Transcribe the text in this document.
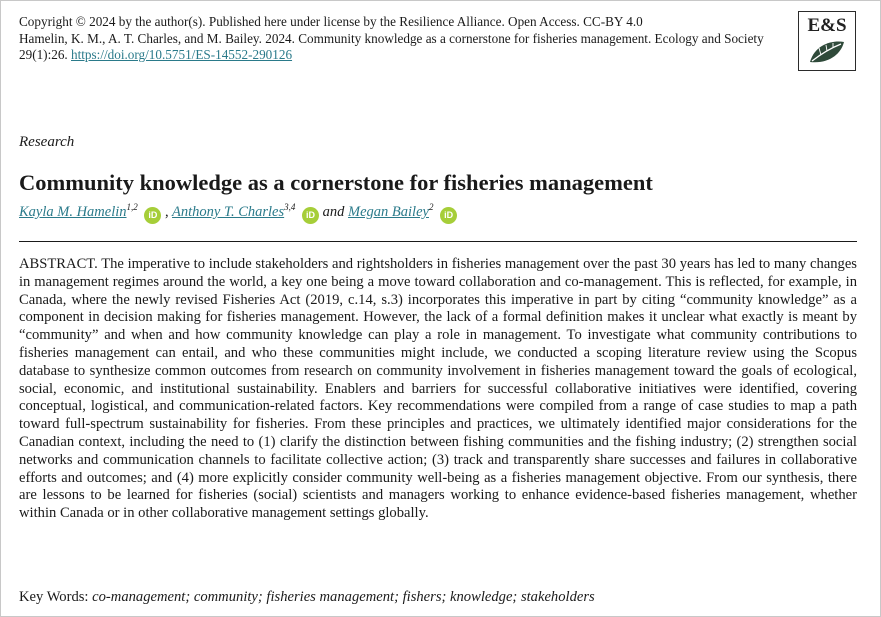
Copyright © 2024 by the author(s). Published here under license by the Resilience Alliance. Open Access. CC-BY 4.0
Hamelin, K. M., A. T. Charles, and M. Bailey. 2024. Community knowledge as a cornerstone for fisheries management. Ecology and Society 29(1):26. https://doi.org/10.5751/ES-14552-290126
E&S
Research
Community knowledge as a cornerstone for fisheries management
Kayla M. Hamelin$^{1,2}$ iD , Anthony T. Charles$^{3,4}$ iD and Megan Bailey$^2$ iD

ABSTRACT. The imperative to include stakeholders and rightsholders in fisheries management over the past 30 years has led to many changes in management regimes around the world, a key one being a move toward collaboration and co-management. This is reflected, for example, in Canada, where the newly revised Fisheries Act (2019, c.14, s.3) incorporates this imperative in part by citing “community knowledge” as a component in decision making for fisheries management. However, the lack of a formal definition makes it unclear what exactly is meant by “community” and when and how community knowledge can play a role in management. To investigate what community contributions to fisheries management can entail, and who these communities might include, we conducted a scoping literature review using the Scopus database to synthesize common outcomes from research on community involvement in fisheries management toward the goals of ecological, social, economic, and institutional sustainability. Enablers and barriers for successful collaborative initiatives were identified, covering conceptual, logistical, and communication-related factors. Key recommendations were compiled from a range of case studies to map a path toward full-spectrum sustainability for fisheries. From these principles and practices, we ultimately identified major considerations for the Canadian context, including the need to (1) clarify the distinction between fishing communities and the fishing industry; (2) strengthen social networks and communication channels to facilitate collective action; (3) track and transparently share successes and failures in collaborative efforts and outcomes; and (4) more explicitly consider community well-being as a fisheries management objective. From our synthesis, there are lessons to be learned for fisheries (social) scientists and managers working to enhance evidence-based fisheries management, whether within Canada or in other collaborative management settings globally.

Key Words: co-management; community; fisheries management; fishers; knowledge; stakeholders
